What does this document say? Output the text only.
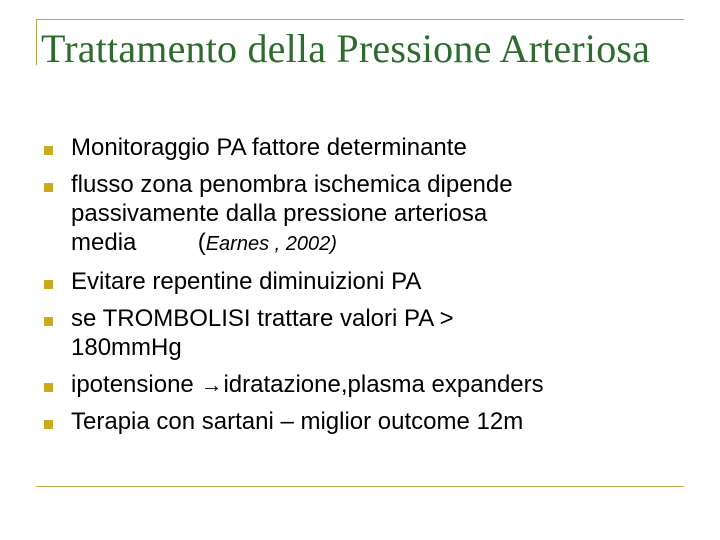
Trattamento della Pressione Arteriosa
Monitoraggio PA fattore determinante
flusso zona penombra ischemica dipende
passivamente dalla pressione arteriosa
media	(Earnes , 2002)
Evitare repentine diminuizioni PA
se TROMBOLISI trattare valori PA >
180mmHg
ipotensione →idratazione,plasma expanders
Terapia con sartani – miglior outcome 12m
